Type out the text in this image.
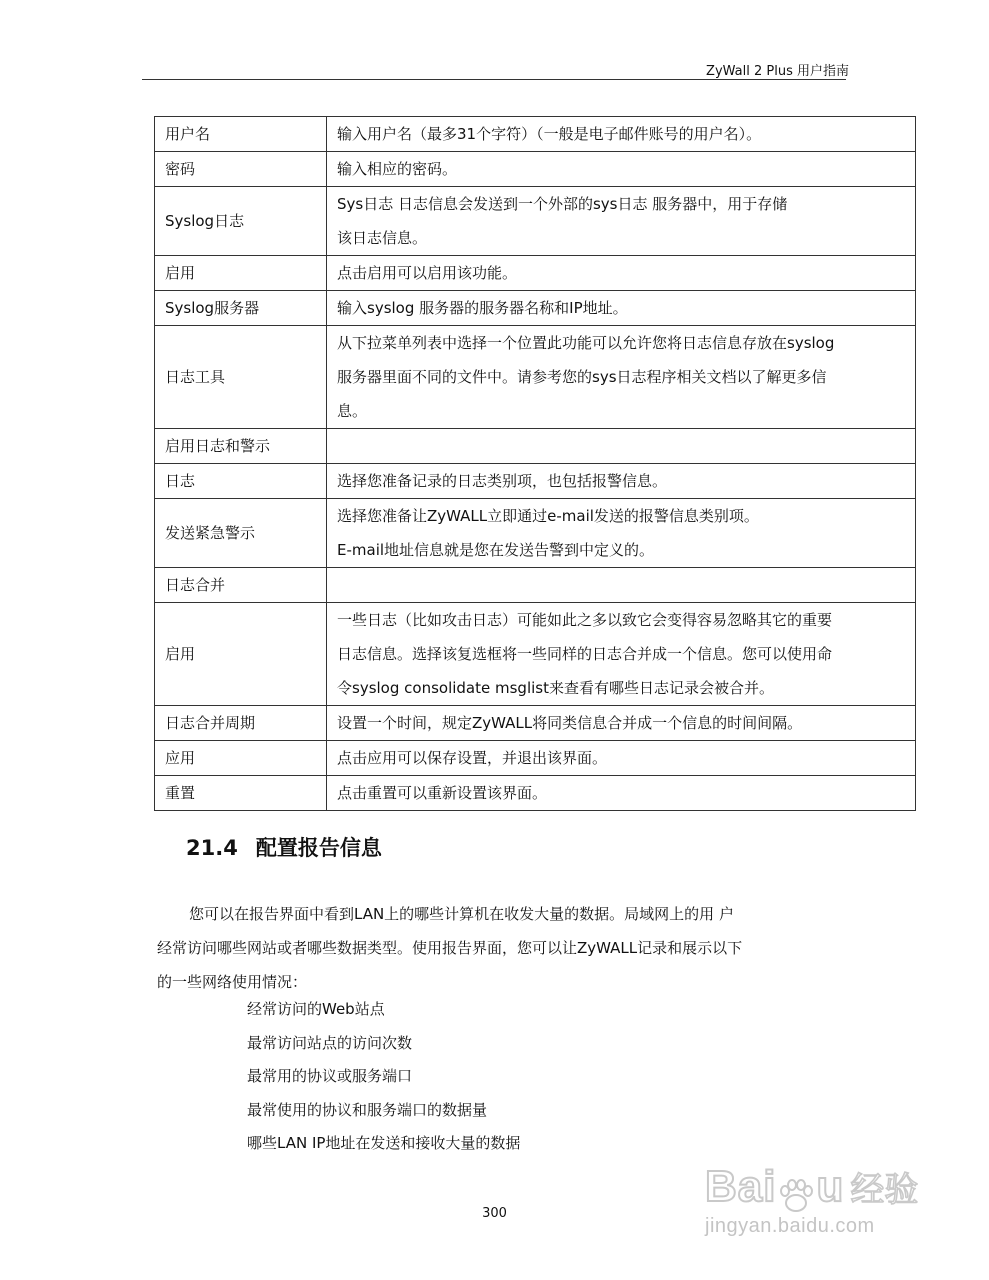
ZyWall 2 Plus 用户指南
用户名	输入用户名（最多31个字符）（一般是电子邮件账号的用户名）。

密码	输入相应的密码。

Syslog日志	Sys日志 日志信息会发送到一个外部的sys日志 服务器中，用于存储
该日志信息。

启用	点击启用可以启用该功能。

Syslog服务器	输入syslog 服务器的服务器名称和IP地址。

日志工具	从下拉菜单列表中选择一个位置此功能可以允许您将日志信息存放在syslog
服务器里面不同的文件中。请参考您的sys日志程序相关文档以了解更多信
息。

启用日志和警示	

日志	选择您准备记录的日志类别项，也包括报警信息。

发送紧急警示	选择您准备让ZyWALL立即通过e-mail发送的报警信息类别项。
E-mail地址信息就是您在发送告警到中定义的。

日志合并	

启用	一些日志（比如攻击日志）可能如此之多以致它会变得容易忽略其它的重要
日志信息。选择该复选框将一些同样的日志合并成一个信息。您可以使用命
令syslog consolidate msglist来查看有哪些日志记录会被合并。

日志合并周期	设置一个时间，规定ZyWALL将同类信息合并成一个信息的时间间隔。

应用	点击应用可以保存设置，并退出该界面。

重置	点击重置可以重新设置该界面。
21.4 配置报告信息

您可以在报告界面中看到LAN上的哪些计算机在收发大量的数据。局域网上的用 户
经常访问哪些网站或者哪些数据类型。使用报告界面，您可以让ZyWALL记录和展示以下
的一些网络使用情况：

经常访问的Web站点
最常访问站点的访问次数
最常用的协议或服务端口
最常使用的协议和服务端口的数据量
哪些LAN IP地址在发送和接收大量的数据
300
Bai u 经验
jingyan.baidu.com
